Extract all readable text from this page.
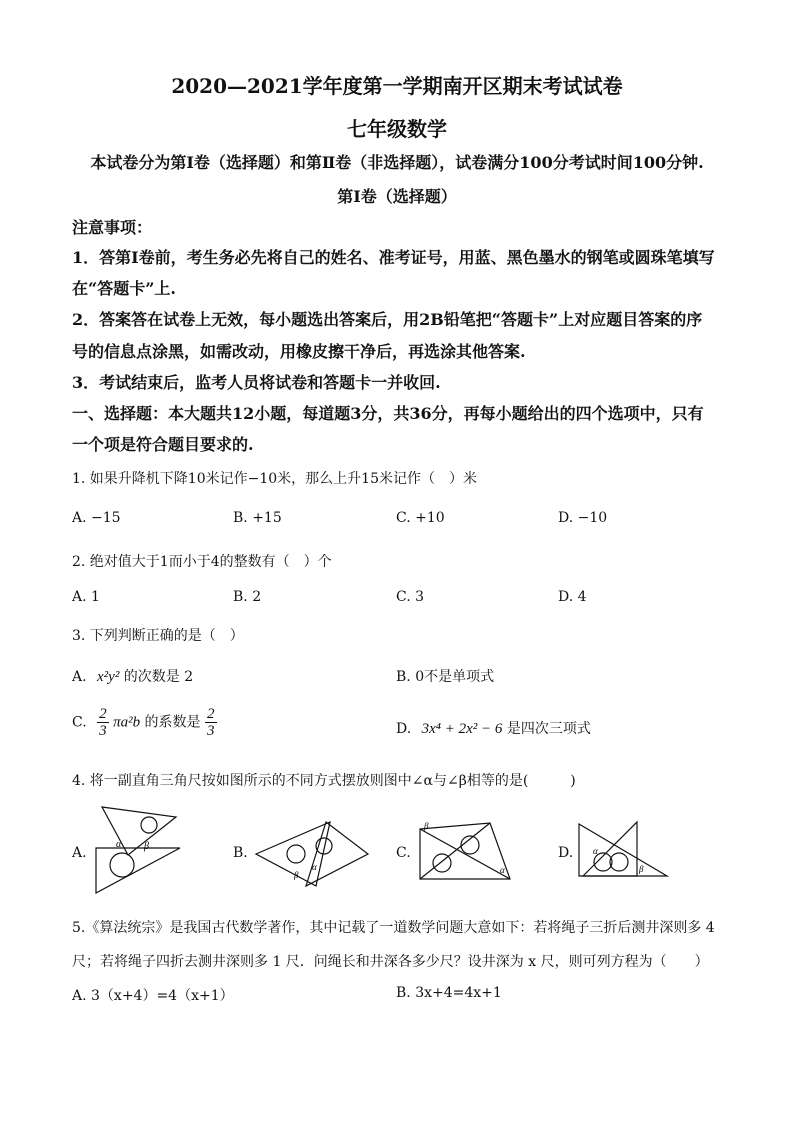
2020—2021学年度第一学期南开区期末考试试卷
七年级数学
本试卷分为第Ⅰ卷（选择题）和第Ⅱ卷（非选择题），试卷满分100分考试时间100分钟.
第Ⅰ卷（选择题）
注意事项：
1．答第Ⅰ卷前，考生务必先将自己的姓名、准考证号，用蓝、黑色墨水的钢笔或圆珠笔填写
在“答题卡”上.
2．答案答在试卷上无效，每小题选出答案后，用2B铅笔把“答题卡”上对应题目答案的序
号的信息点涂黑，如需改动，用橡皮擦干净后，再选涂其他答案.
3．考试结束后，监考人员将试卷和答题卡一并收回.
一、选择题：本大题共12小题，每道题3分，共36分，再每小题给出的四个选项中，只有
一个项是符合题目要求的.
1. 如果升降机下降10米记作−10米，那么上升15米记作（　）米
A. −15	B. +15	C. +10	D. −10
2. 绝对值大于1而小于4的整数有（　）个
A. 1	B. 2	C. 3	D. 4
3. 下列判断正确的是（　）
A. x²y² 的次数是 2	B. 0不是单项式
C. $\frac{2}{3} \pi a^2b$ 的系数是 $\frac{2}{3}$	D. 3x⁴ + 2x² − 6 是四次三项式
4. 将一副直角三角尺按如图所示的不同方式摆放则图中∠α与∠β相等的是(　　　)
A.
α β	B.
β
α
C.
β
α
D. α
β
5.《算法统宗》是我国古代数学著作，其中记载了一道数学问题大意如下：若将绳子三折后测井深则多 4
尺；若将绳子四折去测井深则多 1 尺．问绳长和井深各多少尺？设井深为 x 尺，则可列方程为（　　）
A. 3（x+4）=4（x+1）	B. 3x+4=4x+1
